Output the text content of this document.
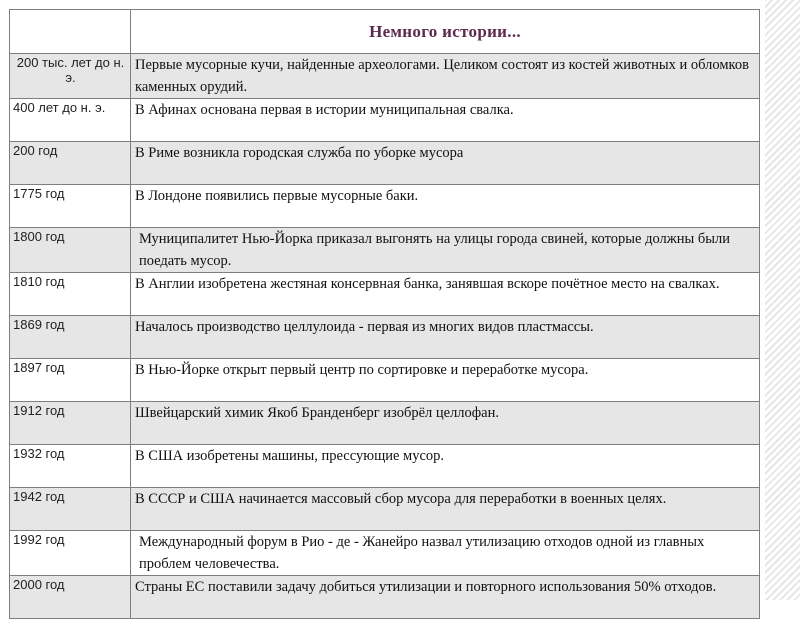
	Немного истории...
200 тыс. лет до н. э.	Первые мусорные кучи, найденные археологами. Целиком состоят из костей животных и обломков каменных орудий.
400 лет до н. э.	В Афинах основана первая в истории муниципальная свалка.
200 год	В Риме возникла городская служба по уборке мусора
1775 год	В Лондоне появились первые мусорные баки.
1800 год	Муниципалитет Нью-Йорка приказал выгонять на улицы города свиней, которые должны были поедать мусор.
1810 год	В Англии изобретена жестяная консервная банка, занявшая вскоре почётное место на свалках.
1869 год	Началось производство целлулоида - первая из многих видов пластмассы.
1897 год	В Нью-Йорке открыт первый центр по сортировке и переработке мусора.
1912 год	Швейцарский химик Якоб Бранденберг изобрёл целлофан.
1932 год	В США изобретены машины, прессующие мусор.
1942 год	В СССР и США начинается массовый сбор мусора для переработки в военных целях.
1992 год	Международный форум в Рио - де - Жанейро назвал утилизацию отходов одной из главных проблем человечества.
2000 год	Страны ЕС поставили задачу добиться утилизации и повторного использования 50% отходов.
